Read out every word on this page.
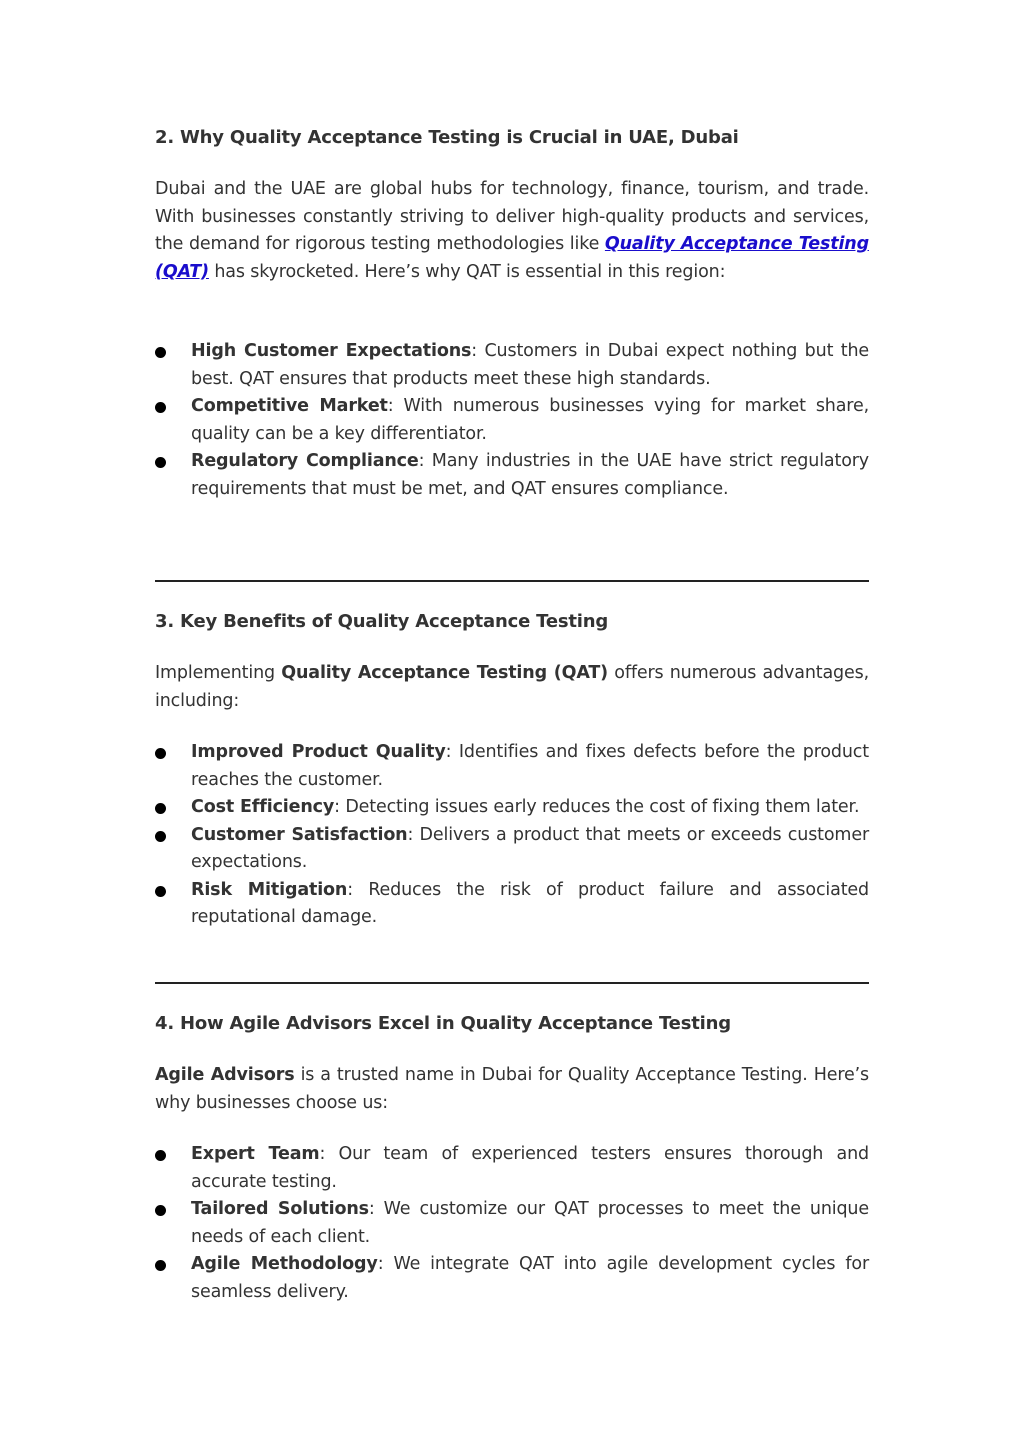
2. Why Quality Acceptance Testing is Crucial in UAE, Dubai

Dubai and the UAE are global hubs for technology, finance, tourism, and trade. With businesses constantly striving to deliver high-quality products and services, the demand for rigorous testing methodologies like Quality Acceptance Testing (QAT) has skyrocketed. Here’s why QAT is essential in this region:

High Customer Expectations: Customers in Dubai expect nothing but the best. QAT ensures that products meet these high standards.
Competitive Market: With numerous businesses vying for market share, quality can be a key differentiator.
Regulatory Compliance: Many industries in the UAE have strict regulatory requirements that must be met, and QAT ensures compliance.
3. Key Benefits of Quality Acceptance Testing

Implementing Quality Acceptance Testing (QAT) offers numerous advantages, including:

Improved Product Quality: Identifies and fixes defects before the product reaches the customer.
Cost Efficiency: Detecting issues early reduces the cost of fixing them later.
Customer Satisfaction: Delivers a product that meets or exceeds customer expectations.
Risk Mitigation: Reduces the risk of product failure and associated reputational damage.
4. How Agile Advisors Excel in Quality Acceptance Testing

Agile Advisors is a trusted name in Dubai for Quality Acceptance Testing. Here’s why businesses choose us:

Expert Team: Our team of experienced testers ensures thorough and accurate testing.
Tailored Solutions: We customize our QAT processes to meet the unique needs of each client.
Agile Methodology: We integrate QAT into agile development cycles for seamless delivery.
